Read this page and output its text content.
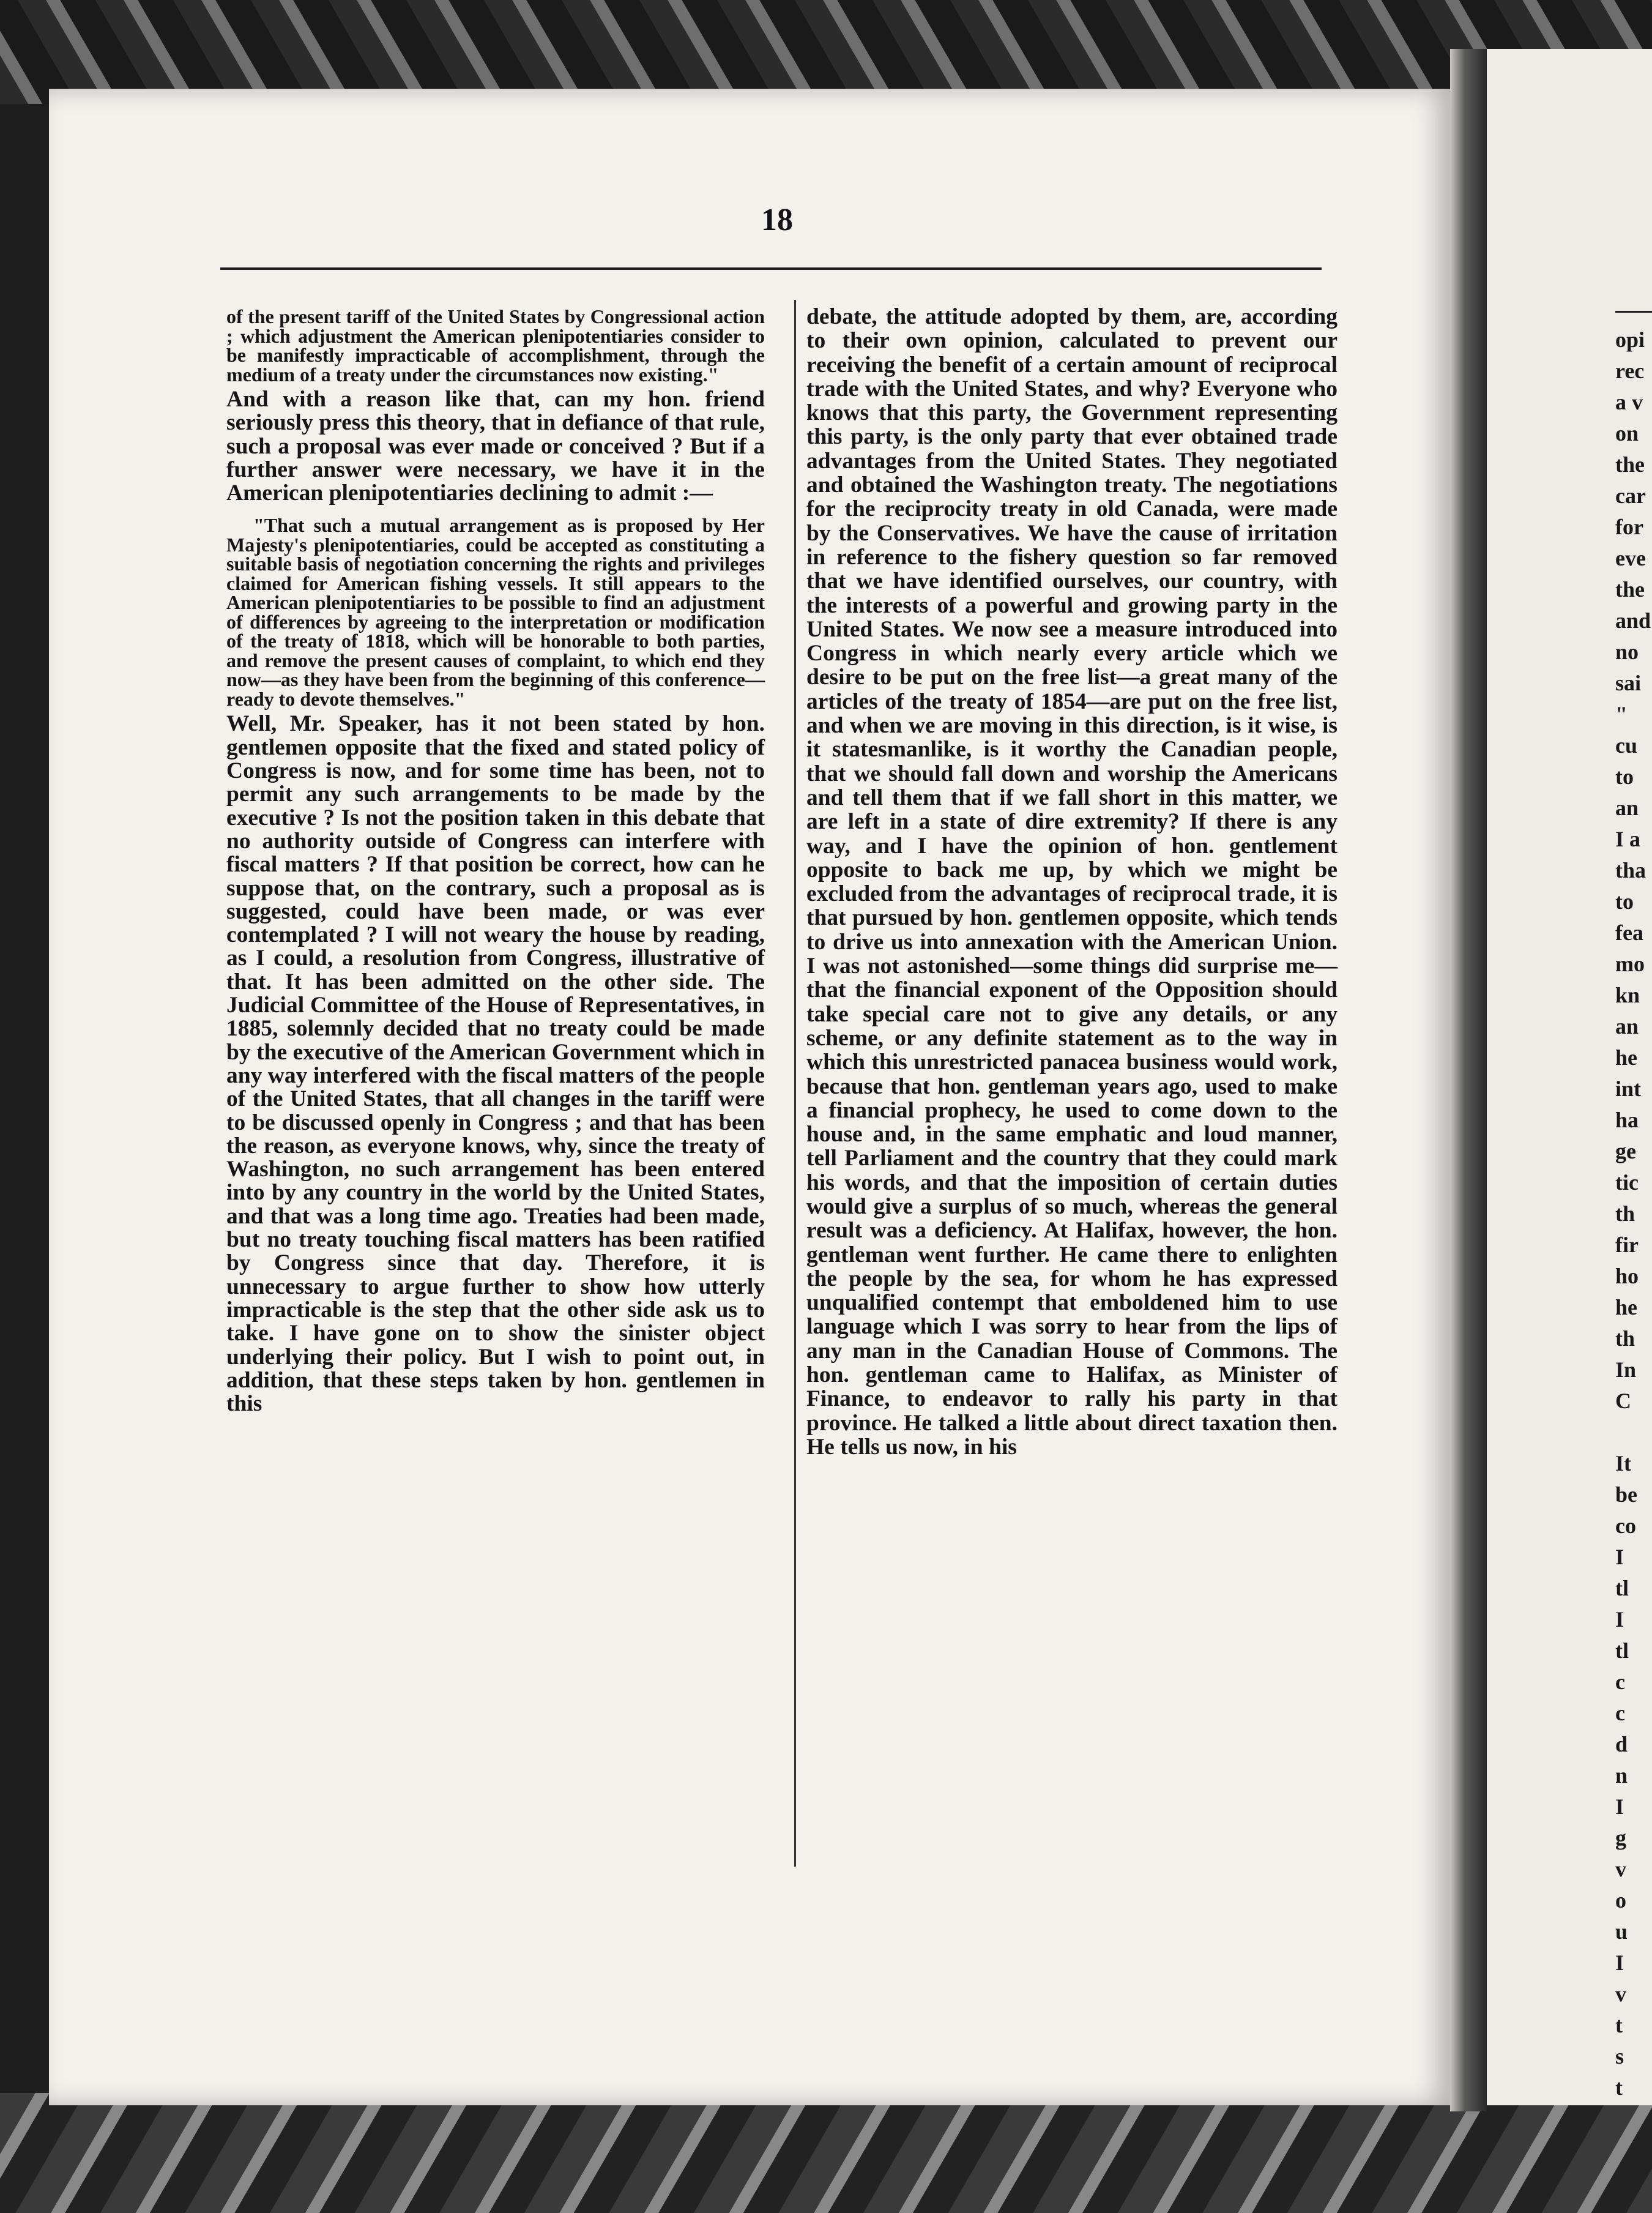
opi
rec
a v
on
the
car
for
eve
the
and
no
sai
"
cu
to
an
I a
tha
to
fea
mo
kn
an
he
int
ha
ge
tic
th
fir
ho
he
th
In
C
It
be
co
I
tl
I
tl
c
c
d
n
I
g
v
o
u
I
v
t
s
t
18

of the present tariff of the United States by Congressional action ; which adjustment the American plenipotentiaries consider to be manifestly impracticable of accomplishment, through the medium of a treaty under the circumstances now existing."

And with a reason like that, can my hon. friend seriously press this theory, that in defiance of that rule, such a proposal was ever made or conceived ? But if a further answer were necessary, we have it in the American plenipotentiaries declining to admit :—

"That such a mutual arrangement as is proposed by Her Majesty's plenipotentiaries, could be accepted as constituting a suitable basis of negotiation concerning the rights and privileges claimed for American fishing vessels. It still appears to the American plenipotentiaries to be possible to find an adjustment of differences by agreeing to the interpretation or modification of the treaty of 1818, which will be honorable to both parties, and remove the present causes of complaint, to which end they now—as they have been from the beginning of this conference—ready to devote themselves."

Well, Mr. Speaker, has it not been stated by hon. gentlemen opposite that the fixed and stated policy of Congress is now, and for some time has been, not to permit any such arrangements to be made by the executive ? Is not the position taken in this debate that no authority outside of Congress can interfere with fiscal matters ? If that position be correct, how can he suppose that, on the contrary, such a proposal as is suggested, could have been made, or was ever contemplated ? I will not weary the house by reading, as I could, a resolution from Congress, illustrative of that. It has been admitted on the other side. The Judicial Committee of the House of Representatives, in 1885, solemnly decided that no treaty could be made by the executive of the American Government which in any way interfered with the fiscal matters of the people of the United States, that all changes in the tariff were to be discussed openly in Congress ; and that has been the reason, as everyone knows, why, since the treaty of Washington, no such arrangement has been entered into by any country in the world by the United States, and that was a long time ago. Treaties had been made, but no treaty touching fiscal matters has been ratified by Congress since that day. Therefore, it is unnecessary to argue further to show how utterly impracticable is the step that the other side ask us to take. I have gone on to show the sinister object underlying their policy. But I wish to point out, in addition, that these steps taken by hon. gentlemen in this

debate, the attitude adopted by them, are, according to their own opinion, calculated to prevent our receiving the benefit of a certain amount of reciprocal trade with the United States, and why? Everyone who knows that this party, the Government representing this party, is the only party that ever obtained trade advantages from the United States. They negotiated and obtained the Washington treaty. The negotiations for the reciprocity treaty in old Canada, were made by the Conservatives. We have the cause of irritation in reference to the fishery question so far removed that we have identified ourselves, our country, with the interests of a powerful and growing party in the United States. We now see a measure introduced into Congress in which nearly every article which we desire to be put on the free list—a great many of the articles of the treaty of 1854—are put on the free list, and when we are moving in this direction, is it wise, is it statesmanlike, is it worthy the Canadian people, that we should fall down and worship the Americans and tell them that if we fall short in this matter, we are left in a state of dire extremity? If there is any way, and I have the opinion of hon. gentlement opposite to back me up, by which we might be excluded from the advantages of reciprocal trade, it is that pursued by hon. gentlemen opposite, which tends to drive us into annexation with the American Union. I was not astonished—some things did surprise me—that the financial exponent of the Opposition should take special care not to give any details, or any scheme, or any definite statement as to the way in which this unrestricted panacea business would work, because that hon. gentleman years ago, used to make a financial prophecy, he used to come down to the house and, in the same emphatic and loud manner, tell Parliament and the country that they could mark his words, and that the imposition of certain duties would give a surplus of so much, whereas the general result was a deficiency. At Halifax, however, the hon. gentleman went further. He came there to enlighten the people by the sea, for whom he has expressed unqualified contempt that emboldened him to use language which I was sorry to hear from the lips of any man in the Canadian House of Commons. The hon. gentleman came to Halifax, as Minister of Finance, to endeavor to rally his party in that province. He talked a little about direct taxation then. He tells us now, in his
